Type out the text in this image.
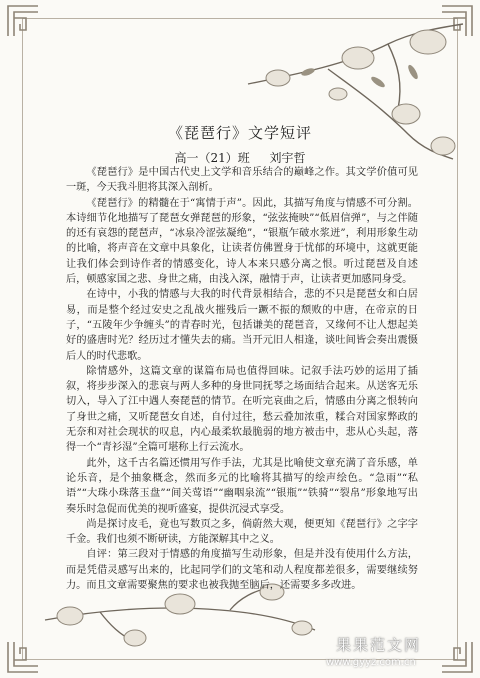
《琵琶行》文学短评
高一（21）班 刘宇哲

《琵琶行》是中国古代史上文学和音乐结合的巅峰之作。其文学价值可见一斑，今天我斗胆将其深入剖析。

《琵琶行》的精髓在于“寓情于声”。因此，其描写角度与情感不可分割。本诗细节化地描写了琵琶女弹琵琶的形象，“弦弦掩映”“低眉信弹”，与之伴随的还有哀怨的琵琶声，“冰泉冷涩弦凝绝”，“银瓶乍破水浆迸”，利用形象生动的比喻，将声音在文章中具象化，让读者仿佛置身于忧郁的环境中，这就更能让我们体会到诗作者的情感变化，诗人本来只感分离之恨。听过琵琶及自述后，顿感家国之悲、身世之痛，由浅入深，融情于声，让读者更加感同身受。

在诗中，小我的情感与大我的时代背景相结合，悲的不只是琵琶女和白居易，而是整个经过安史之乱战火摧残后一蹶不振的颓败的中唐，在帝京的日子，“五陵年少争缠头”的青春时光，包括谦美的琵琶音，又缘何不让人想起美好的盛唐时光？经历过才懂失去的痛。当开元旧人相逢，谈吐间皆会奏出震慑后人的时代悲歌。

除情感外，这篇文章的谋篇布局也值得回味。记叙手法巧妙的运用了插叙，将步步深入的悲哀与两人多种的身世同抚琴之场面结合起来。从送客无乐切入，导入了江中遇人奏琵琶的情节。在听完哀曲之后，情感由分离之恨转向了身世之痛，又听琵琶女自述，自付过往，愁云叠加浓重，糅合对国家弊政的无奈和对社会现状的叹息，内心最柔软最脆弱的地方被击中，悲从心头起，落得一个“青衫湿”全篇可堪称上行云流水。

此外，这千古名篇还惯用写作手法，尤其是比喻使文章充满了音乐感，单论乐音，是个抽象概念，然而多元的比喻将其描写的绘声绘色。“急雨”“私语”“大珠小珠落玉盘”“间关莺语”“幽咽泉流”“银瓶”“铁骑”“裂帛”形象地写出奏乐时急促而优美的视听盛宴，提供沉浸式享受。

尚是探讨皮毛，竟也写数页之多，倘蔚然大观，便更知《琵琶行》之字字千金。我们也须不断研读，方能深解其中之义。

自评：第三段对于情感的角度描写生动形象，但是并没有使用什么方法，而是凭借灵感写出来的，比起同学们的文笔和动人程度都差很多，需要继续努力。而且文章需要聚焦的要求也被我抛至脑后，还需要多多改进。

果果范文网
www.gyyz.com.cn
